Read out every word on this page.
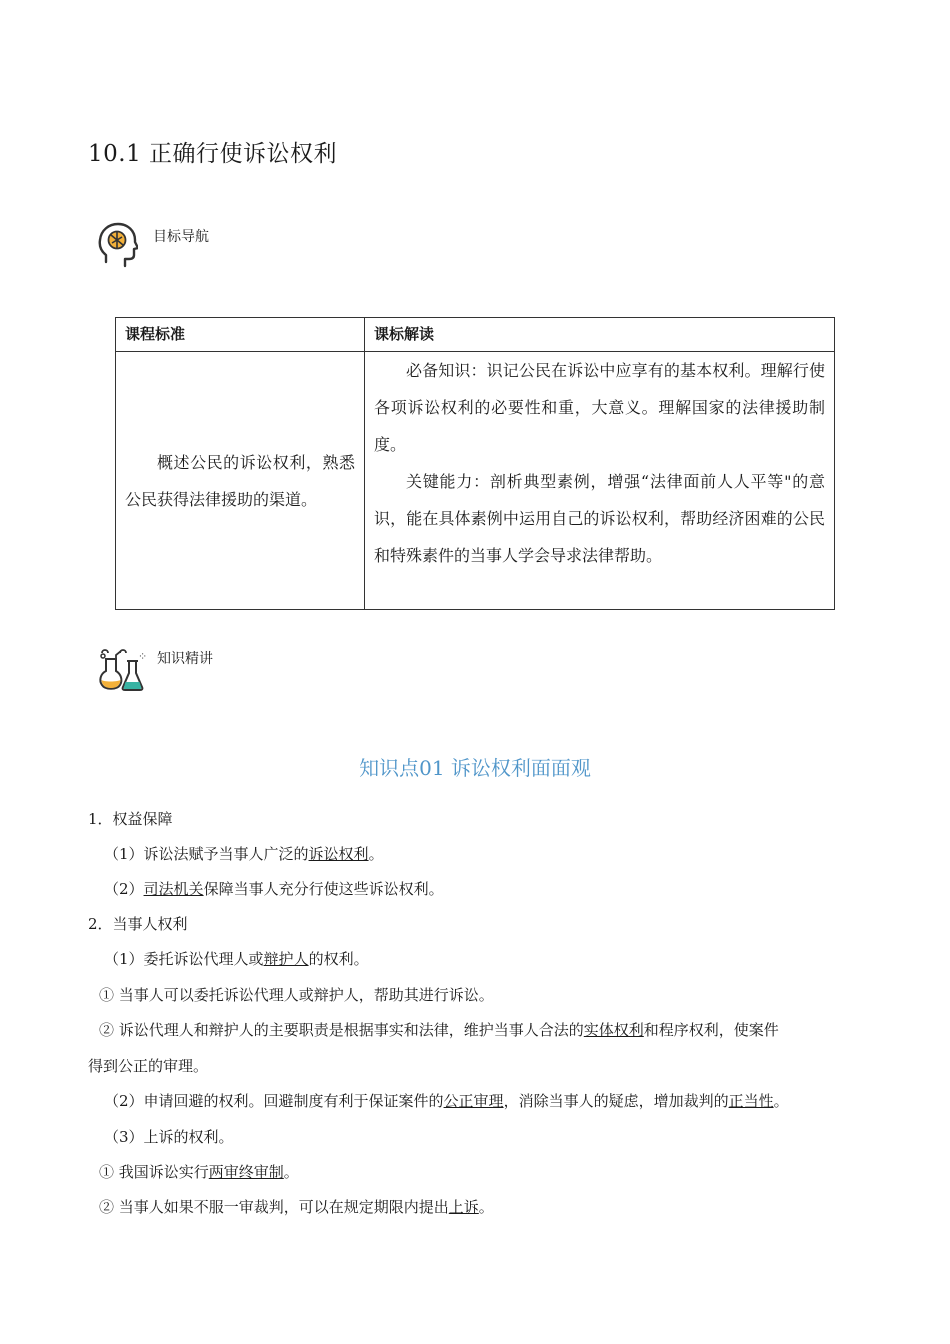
10.1 正确行使诉讼权利
目标导航
课程标准	课标解读

概述公民的诉讼权利，熟悉公民获得法律援助的渠道。	必备知识：识记公民在诉讼中应享有的基本权利。理解行使各项诉讼权利的必要性和重，大意义。理解国家的法律援助制度。
关键能力：剖析典型素例，增强“法律面前人人平等"的意识，能在具体素例中运用自己的诉讼权利，帮助经济困难的公民和特殊素件的当事人学会导求法律帮助。
⁘ 知识精讲
知识点01 诉讼权利面面观
1．权益保障
（1）诉讼法赋予当事人广泛的诉讼权利。
（2）司法机关保障当事人充分行使这些诉讼权利。
2．当事人权利
（1）委托诉讼代理人或辩护人的权利。
① 当事人可以委托诉讼代理人或辩护人，帮助其进行诉讼。
② 诉讼代理人和辩护人的主要职责是根据事实和法律，维护当事人合法的实体权利和程序权利，使案件
得到公正的审理。
（2）申请回避的权利。回避制度有利于保证案件的公正审理，消除当事人的疑虑，增加裁判的正当性。
（3）上诉的权利。
① 我国诉讼实行两审终审制。
② 当事人如果不服一审裁判，可以在规定期限内提出上诉。
